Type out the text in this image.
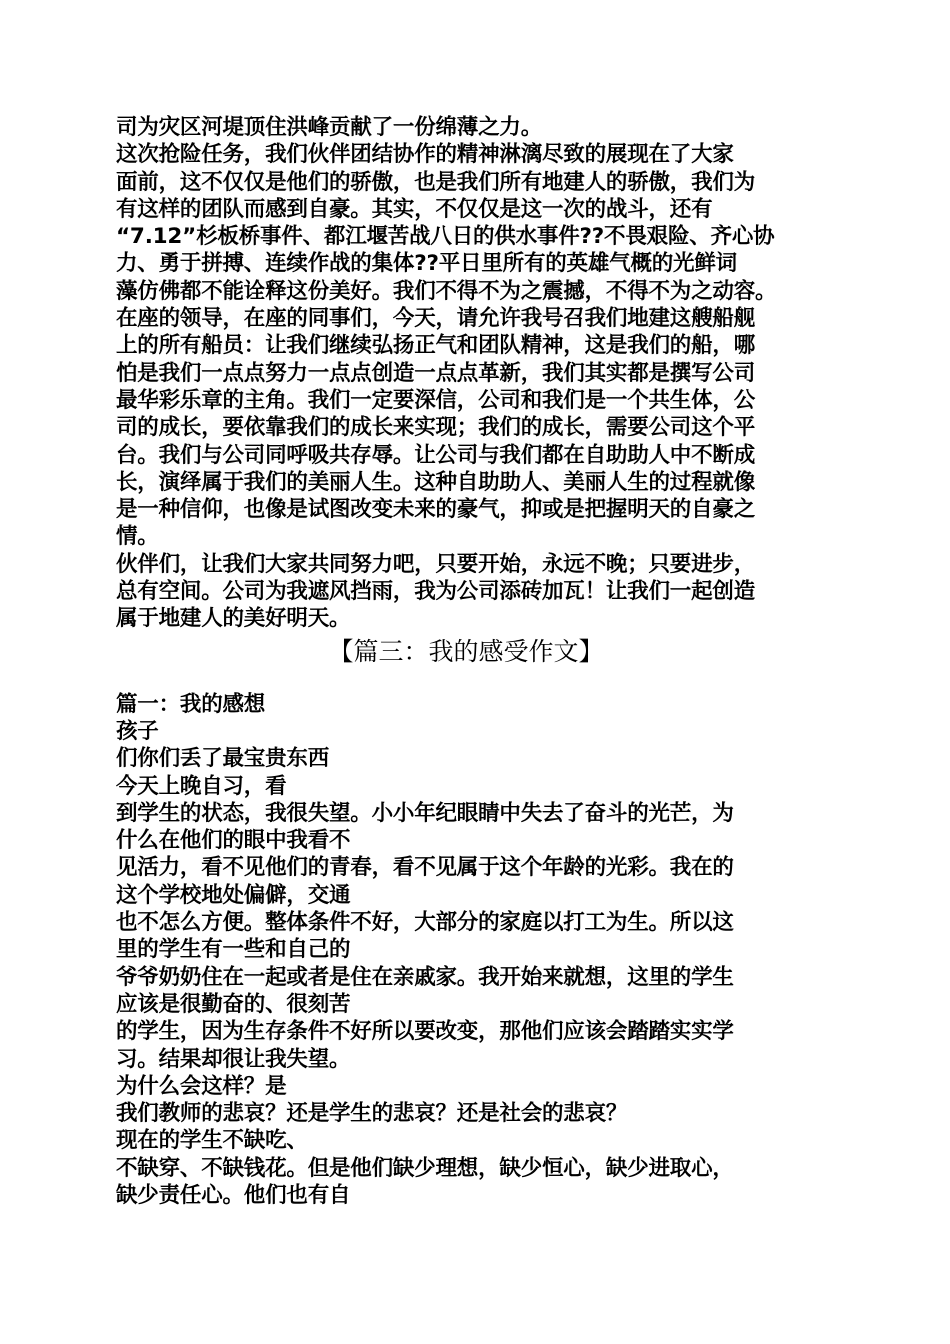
司为灾区河堤顶住洪峰贡献了一份绵薄之力。
这次抢险任务，我们伙伴团结协作的精神淋漓尽致的展现在了大家
面前，这不仅仅是他们的骄傲，也是我们所有地建人的骄傲，我们为
有这样的团队而感到自豪。其实，不仅仅是这一次的战斗，还有
“7.12”杉板桥事件、都江堰苦战八日的供水事件??不畏艰险、齐心协
力、勇于拼搏、连续作战的集体??平日里所有的英雄气概的光鲜词
藻仿佛都不能诠释这份美好。我们不得不为之震撼，不得不为之动容。
在座的领导，在座的同事们，今天，请允许我号召我们地建这艘船舰
上的所有船员：让我们继续弘扬正气和团队精神，这是我们的船，哪
怕是我们一点点努力一点点创造一点点革新，我们其实都是撰写公司
最华彩乐章的主角。我们一定要深信，公司和我们是一个共生体，公
司的成长，要依靠我们的成长来实现；我们的成长，需要公司这个平
台。我们与公司同呼吸共存辱。让公司与我们都在自助助人中不断成
长，演绎属于我们的美丽人生。这种自助助人、美丽人生的过程就像
是一种信仰，也像是试图改变未来的豪气，抑或是把握明天的自豪之
情。
伙伴们，让我们大家共同努力吧，只要开始，永远不晚；只要进步，
总有空间。公司为我遮风挡雨，我为公司添砖加瓦！让我们一起创造
属于地建人的美好明天。
【篇三：我的感受作文】
篇一：我的感想
孩子
们你们丢了最宝贵东西
今天上晚自习，看
到学生的状态，我很失望。小小年纪眼睛中失去了奋斗的光芒，为
什么在他们的眼中我看不
见活力，看不见他们的青春，看不见属于这个年龄的光彩。我在的
这个学校地处偏僻，交通
也不怎么方便。整体条件不好，大部分的家庭以打工为生。所以这
里的学生有一些和自己的
爷爷奶奶住在一起或者是住在亲戚家。我开始来就想，这里的学生
应该是很勤奋的、很刻苦
的学生，因为生存条件不好所以要改变，那他们应该会踏踏实实学
习。结果却很让我失望。
为什么会这样？是
我们教师的悲哀？还是学生的悲哀？还是社会的悲哀？
现在的学生不缺吃、
不缺穿、不缺钱花。但是他们缺少理想，缺少恒心，缺少进取心，
缺少责任心。他们也有自
